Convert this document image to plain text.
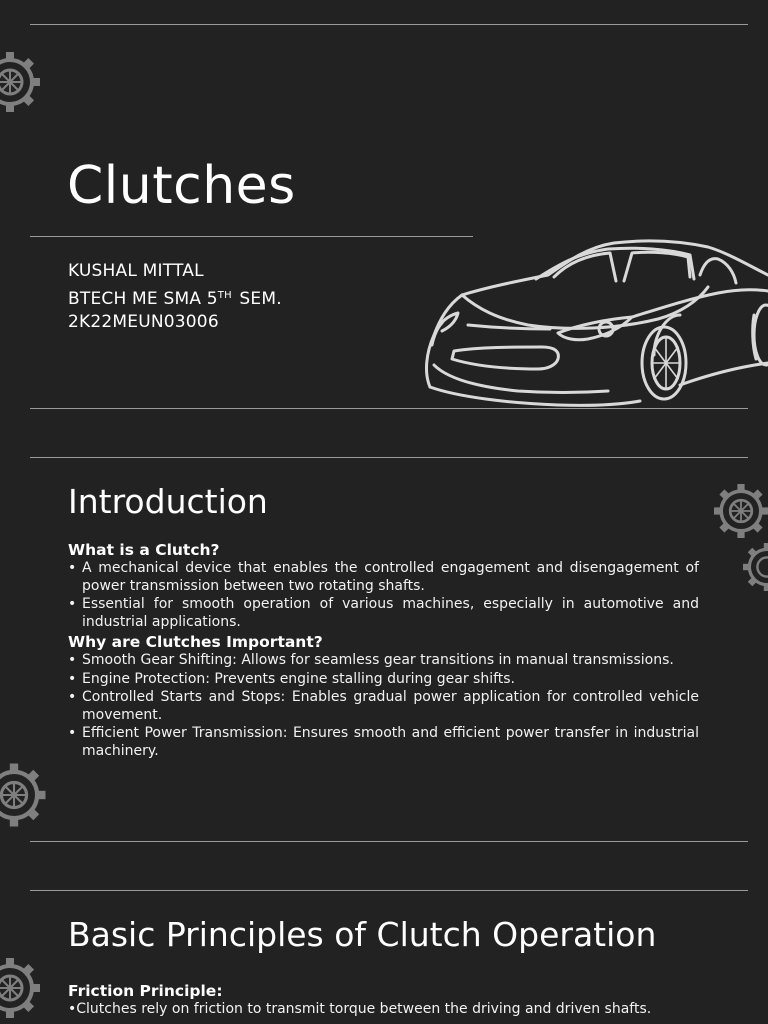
Clutches
KUSHAL MITTAL
BTECH ME SMA 5TH SEM.
2K22MEUN03006
Introduction
What is a Clutch?
• A mechanical device that enables the controlled engagement and disengagement of power transmission between two rotating shafts.
• Essential for smooth operation of various machines, especially in automotive and industrial applications.
Why are Clutches Important?
• Smooth Gear Shifting: Allows for seamless gear transitions in manual transmissions.
• Engine Protection: Prevents engine stalling during gear shifts.
• Controlled Starts and Stops: Enables gradual power application for controlled vehicle movement.
• Efficient Power Transmission: Ensures smooth and efficient power transfer in industrial machinery.
Basic Principles of Clutch Operation
Friction Principle:
•Clutches rely on friction to transmit torque between the driving and driven shafts.
